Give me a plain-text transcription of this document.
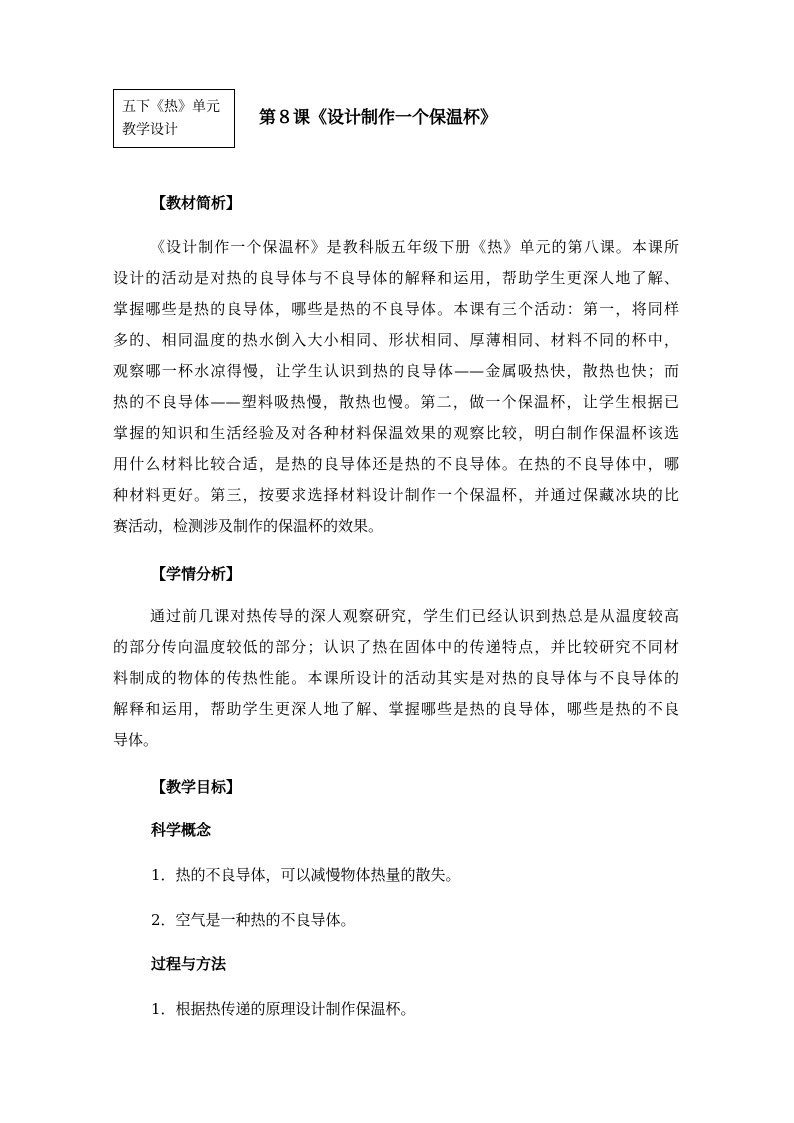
五下《热》单元
教学设计
第８课《设计制作一个保温杯》
【教材简析】
《设计制作一个保温杯》是教科版五年级下册《热》单元的第八课。本课所
设计的活动是对热的良导体与不良导体的解释和运用，帮助学生更深人地了解、
掌握哪些是热的良导体，哪些是热的不良导体。本课有三个活动：第一，将同样
多的、相同温度的热水倒入大小相同、形状相同、厚薄相同、材料不同的杯中，
观察哪一杯水凉得慢，让学生认识到热的良导体——金属吸热快，散热也快；而
热的不良导体——塑料吸热慢，散热也慢。第二，做一个保温杯，让学生根据已
掌握的知识和生活经验及对各种材料保温效果的观察比较，明白制作保温杯该选
用什么材料比较合适，是热的良导体还是热的不良导体。在热的不良导体中，哪
种材料更好。第三，按要求选择材料设计制作一个保温杯，并通过保藏冰块的比
赛活动，检测涉及制作的保温杯的效果。
【学情分析】
通过前几课对热传导的深人观察研究，学生们已经认识到热总是从温度较高
的部分传向温度较低的部分；认识了热在固体中的传递特点，并比较研究不同材
料制成的物体的传热性能。本课所设计的活动其实是对热的良导体与不良导体的
解释和运用，帮助学生更深人地了解、掌握哪些是热的良导体，哪些是热的不良
导体。
【教学目标】
科学概念
1．热的不良导体，可以减慢物体热量的散失。
2．空气是一种热的不良导体。
过程与方法
1．根据热传递的原理设计制作保温杯。
